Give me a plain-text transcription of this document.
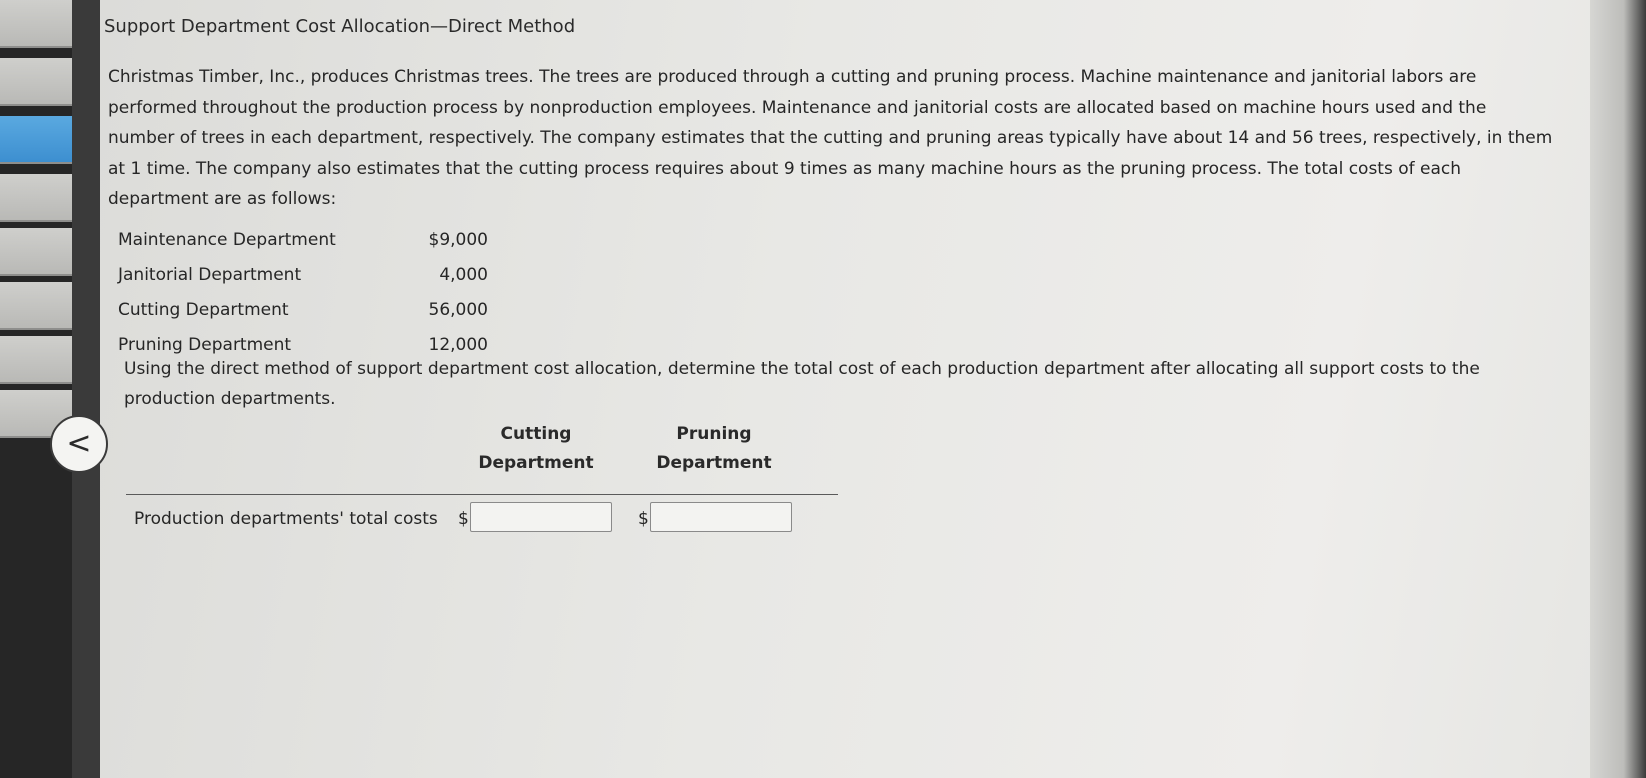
Support Department Cost Allocation—Direct Method
Christmas Timber, Inc., produces Christmas trees. The trees are produced through a cutting and pruning process. Machine maintenance and janitorial labors are performed throughout the production process by nonproduction employees. Maintenance and janitorial costs are allocated based on machine hours used and the number of trees in each department, respectively. The company estimates that the cutting and pruning areas typically have about 14 and 56 trees, respectively, in them at 1 time. The company also estimates that the cutting process requires about 9 times as many machine hours as the pruning process. The total costs of each department are as follows:
Maintenance Department	$9,000
Janitorial Department	4,000
Cutting Department	56,000
Pruning Department	12,000
Using the direct method of support department cost allocation, determine the total cost of each production department after allocating all support costs to the production departments.
Cutting
Department
Pruning
Department
Production departments' total costs $	$
<
